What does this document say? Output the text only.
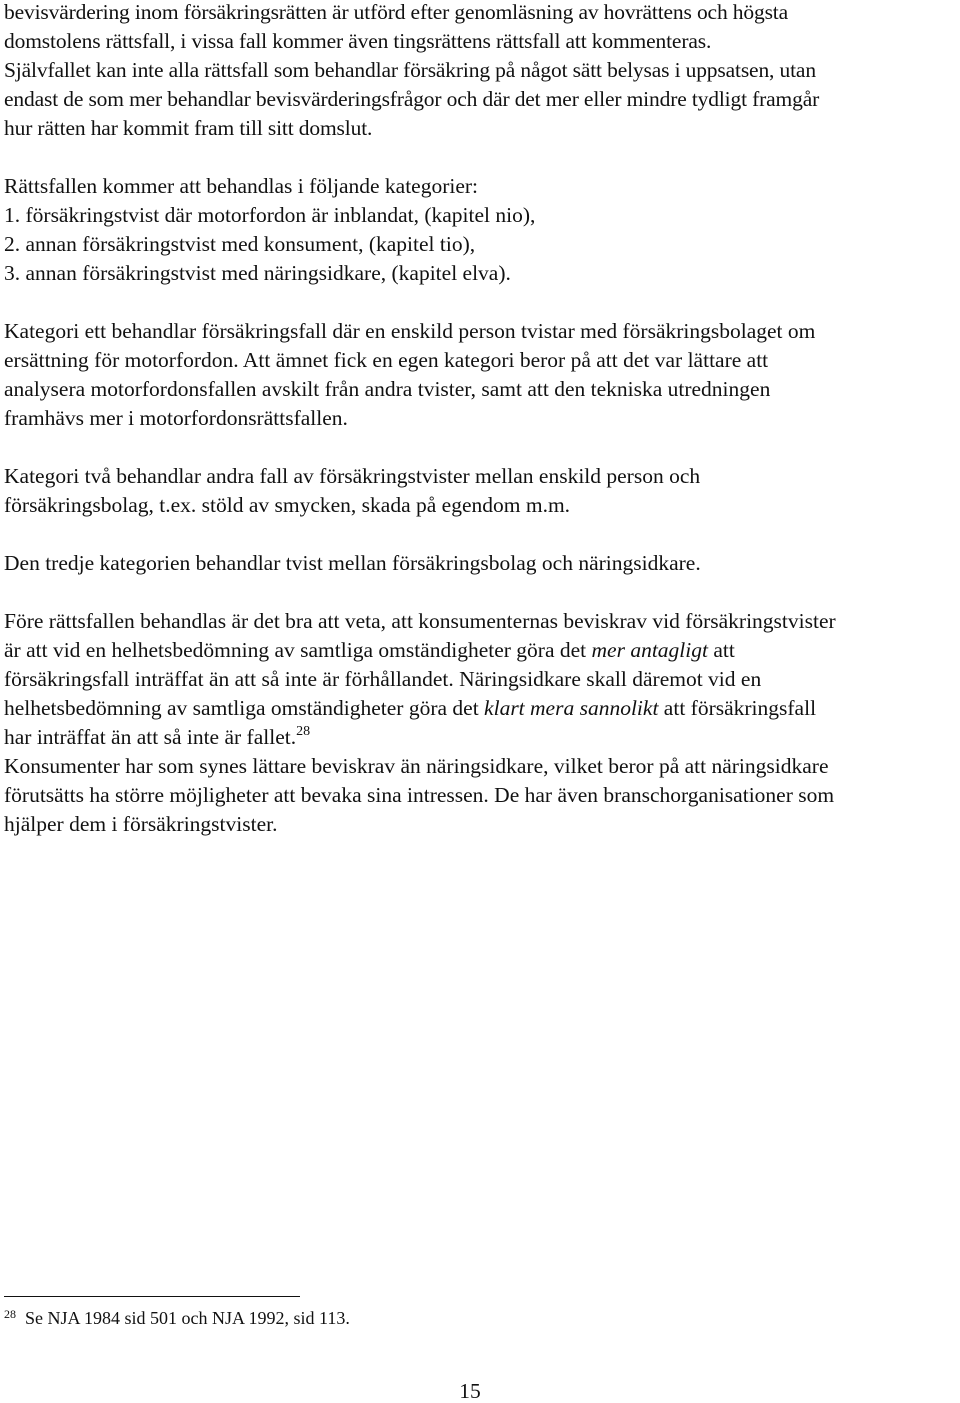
bevisvärdering inom försäkringsrätten är utförd efter genomläsning av hovrättens och högsta
domstolens rättsfall, i vissa fall kommer även tingsrättens rättsfall att kommenteras.
Självfallet kan inte alla rättsfall som behandlar försäkring på något sätt belysas i uppsatsen, utan
endast de som mer behandlar bevisvärderingsfrågor och där det mer eller mindre tydligt framgår
hur rätten har kommit fram till sitt domslut.
Rättsfallen kommer att behandlas i följande kategorier:
1. försäkringstvist där motorfordon är inblandat, (kapitel nio),
2. annan försäkringstvist med konsument, (kapitel tio),
3. annan försäkringstvist med näringsidkare, (kapitel elva).
Kategori ett behandlar försäkringsfall där en enskild person tvistar med försäkringsbolaget om
ersättning för motorfordon. Att ämnet fick en egen kategori beror på att det var lättare att
analysera motorfordonsfallen avskilt från andra tvister, samt att den tekniska utredningen
framhävs mer i motorfordonsrättsfallen.
Kategori två behandlar andra fall av försäkringstvister mellan enskild person och
försäkringsbolag, t.ex. stöld av smycken, skada på egendom m.m.
Den tredje kategorien behandlar tvist mellan försäkringsbolag och näringsidkare.
Före rättsfallen behandlas är det bra att veta, att konsumenternas beviskrav vid försäkringstvister
är att vid en helhetsbedömning av samtliga omständigheter göra det mer antagligt att
försäkringsfall inträffat än att så inte är förhållandet. Näringsidkare skall däremot vid en
helhetsbedömning av samtliga omständigheter göra det klart mera sannolikt att försäkringsfall
har inträffat än att så inte är fallet.$^{28}$
Konsumenter har som synes lättare beviskrav än näringsidkare, vilket beror på att näringsidkare
förutsätts ha större möjligheter att bevaka sina intressen. De har även branschorganisationer som
hjälper dem i försäkringstvister.
$^{28}$ Se NJA 1984 sid 501 och NJA 1992, sid 113.
15
